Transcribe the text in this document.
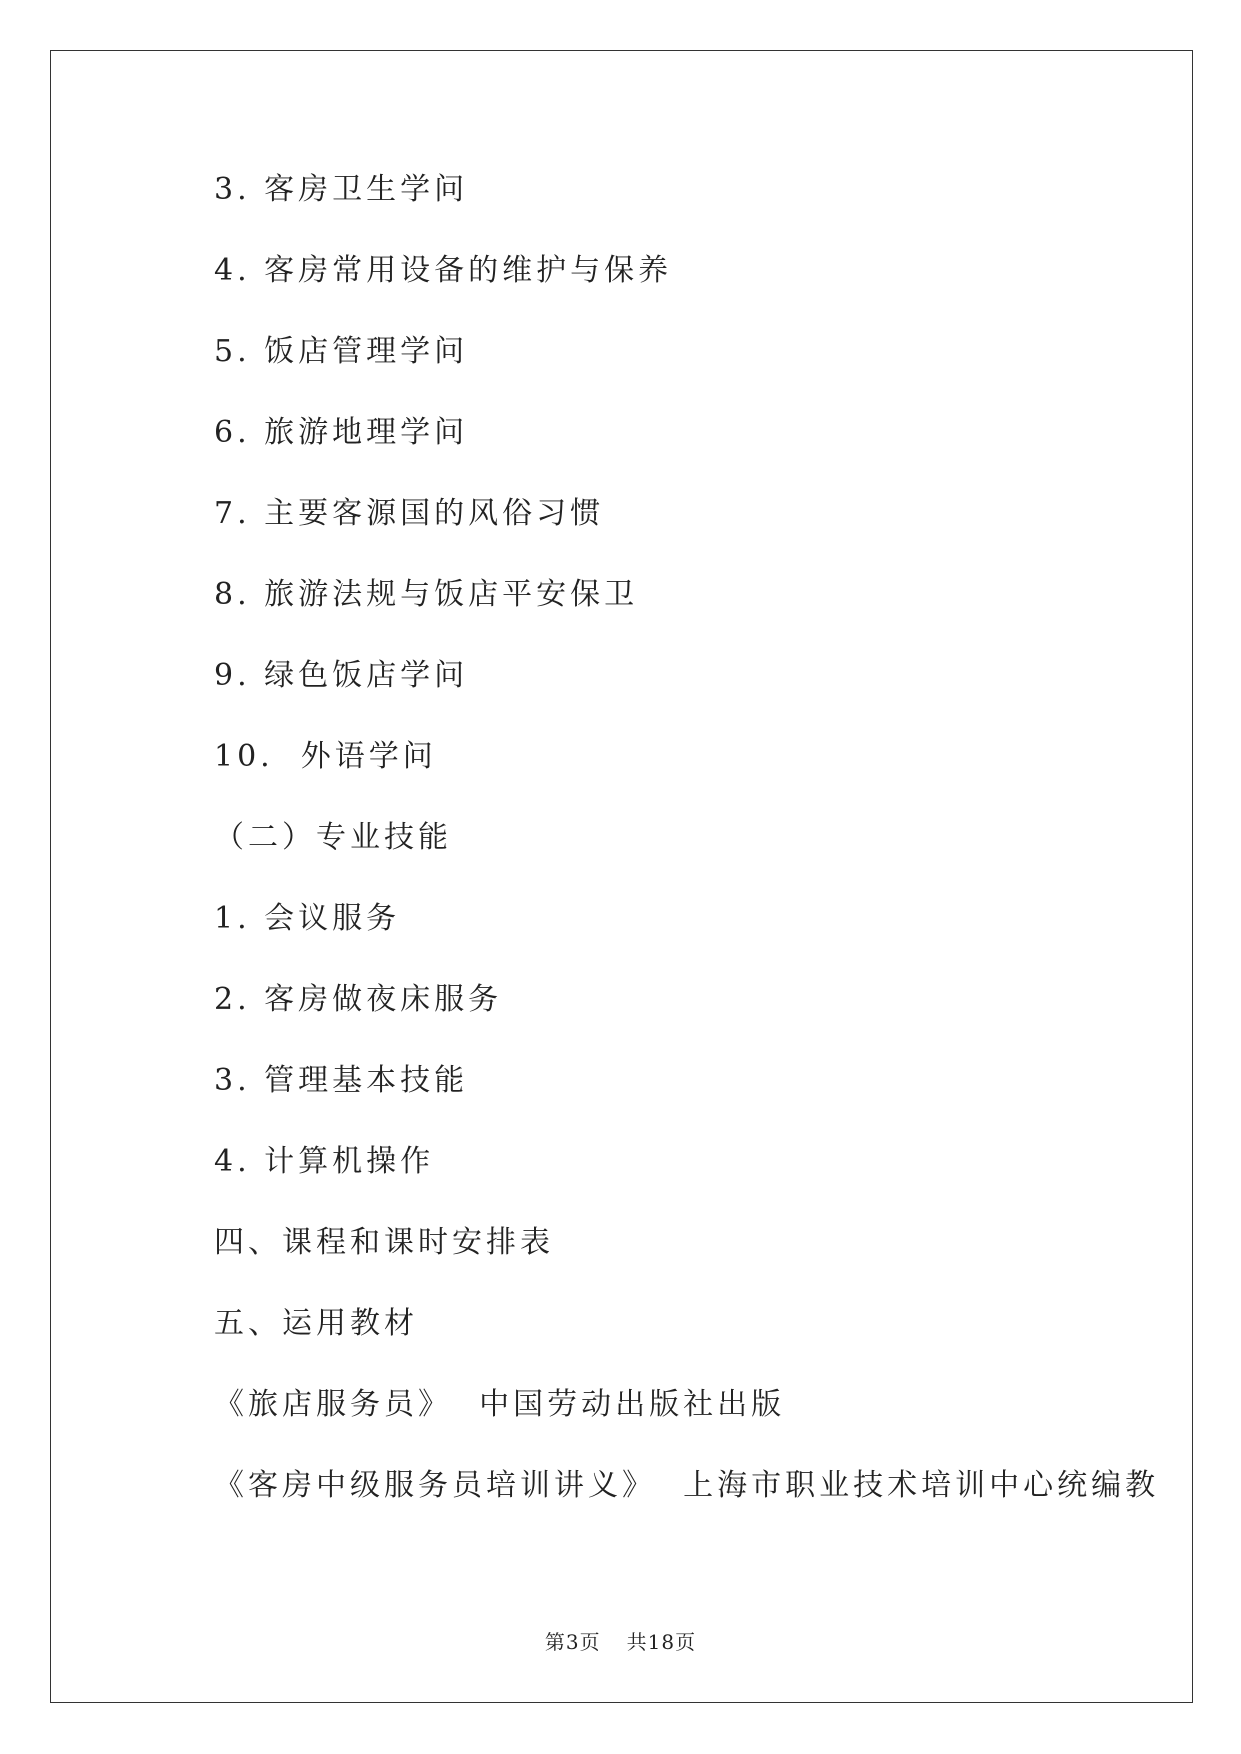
3. 客房卫生学问
4. 客房常用设备的维护与保养
5. 饭店管理学问
6. 旅游地理学问
7. 主要客源国的风俗习惯
8. 旅游法规与饭店平安保卫
9. 绿色饭店学问
10.  外语学问
（二）专业技能
1. 会议服务
2. 客房做夜床服务
3. 管理基本技能
4. 计算机操作
四、课程和课时安排表
五、运用教材
《旅店服务员》  中国劳动出版社出版
《客房中级服务员培训讲义》  上海市职业技术培训中心统编教
第3页 共18页
